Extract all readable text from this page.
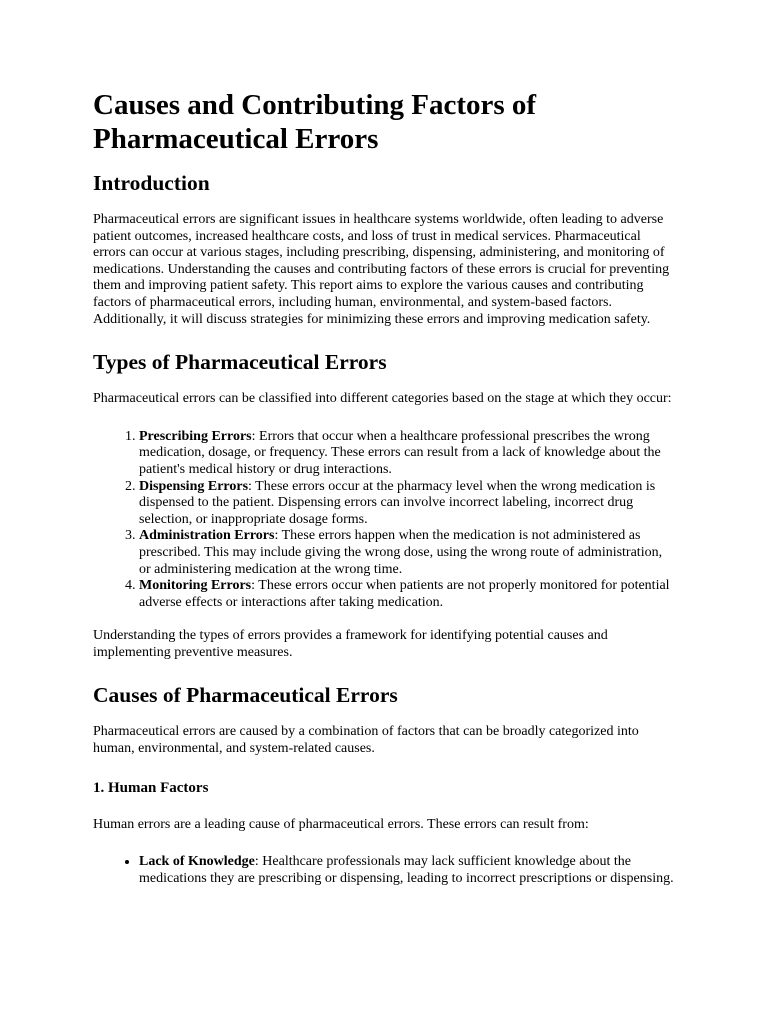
Causes and Contributing Factors of Pharmaceutical Errors
Introduction

Pharmaceutical errors are significant issues in healthcare systems worldwide, often leading to adverse patient outcomes, increased healthcare costs, and loss of trust in medical services. Pharmaceutical errors can occur at various stages, including prescribing, dispensing, administering, and monitoring of medications. Understanding the causes and contributing factors of these errors is crucial for preventing them and improving patient safety. This report aims to explore the various causes and contributing factors of pharmaceutical errors, including human, environmental, and system-based factors. Additionally, it will discuss strategies for minimizing these errors and improving medication safety.

Types of Pharmaceutical Errors

Pharmaceutical errors can be classified into different categories based on the stage at which they occur:

1. Prescribing Errors: Errors that occur when a healthcare professional prescribes the wrong medication, dosage, or frequency. These errors can result from a lack of knowledge about the patient's medical history or drug interactions.
2. Dispensing Errors: These errors occur at the pharmacy level when the wrong medication is dispensed to the patient. Dispensing errors can involve incorrect labeling, incorrect drug selection, or inappropriate dosage forms.
3. Administration Errors: These errors happen when the medication is not administered as prescribed. This may include giving the wrong dose, using the wrong route of administration, or administering medication at the wrong time.
4. Monitoring Errors: These errors occur when patients are not properly monitored for potential adverse effects or interactions after taking medication.

Understanding the types of errors provides a framework for identifying potential causes and implementing preventive measures.

Causes of Pharmaceutical Errors

Pharmaceutical errors are caused by a combination of factors that can be broadly categorized into human, environmental, and system-related causes.

1. Human Factors

Human errors are a leading cause of pharmaceutical errors. These errors can result from:

• Lack of Knowledge: Healthcare professionals may lack sufficient knowledge about the medications they are prescribing or dispensing, leading to incorrect prescriptions or dispensing.
